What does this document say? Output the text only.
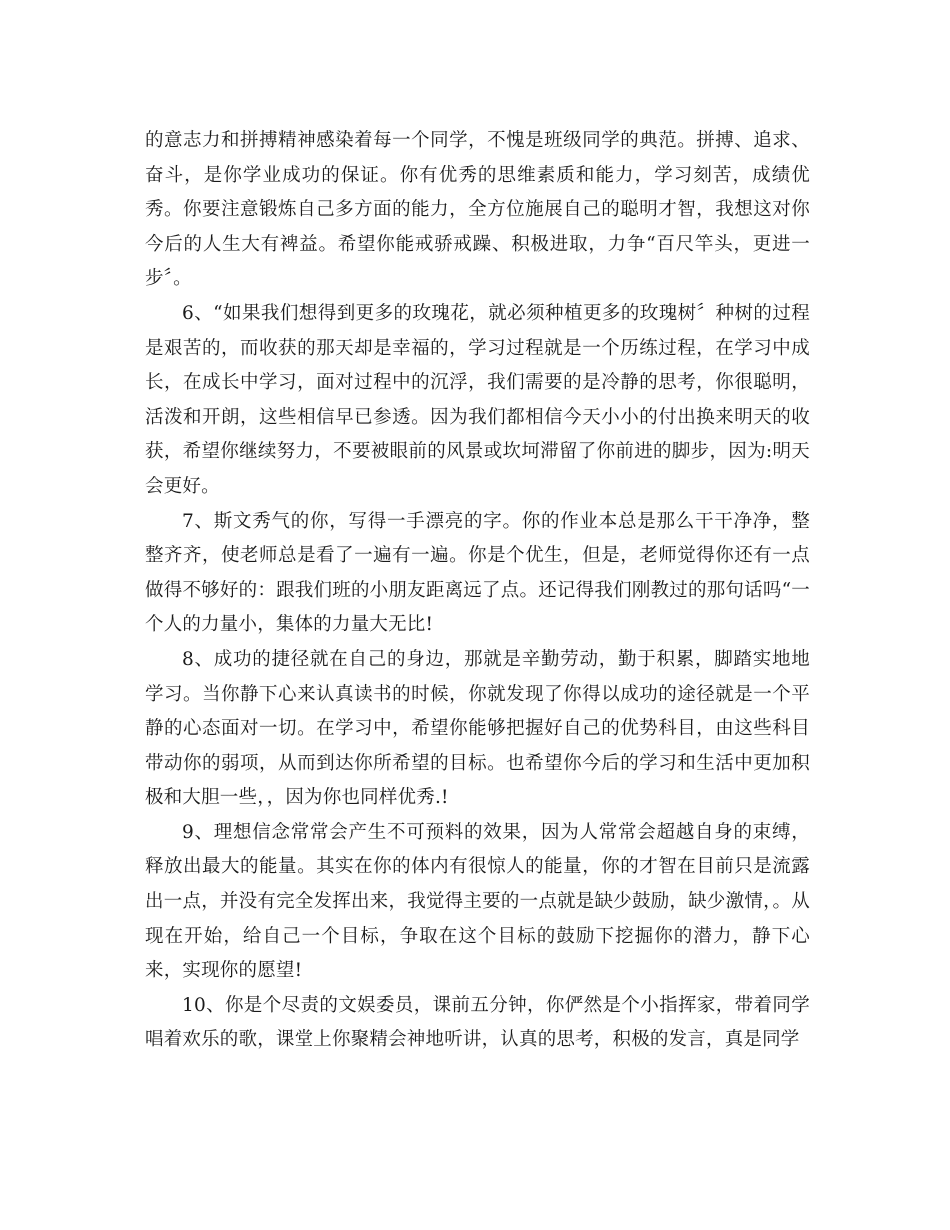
的意志力和拼搏精神感染着每一个同学，不愧是班级同学的典范。拼搏、追求、奋斗，是你学业成功的保证。你有优秀的思维素质和能力，学习刻苦，成绩优秀。你要注意锻炼自己多方面的能力，全方位施展自己的聪明才智，我想这对你今后的人生大有裨益。希望你能戒骄戒躁、积极进取，力争“百尺竿头，更进一步〞。

6、“如果我们想得到更多的玫瑰花，就必须种植更多的玫瑰树〞种树的过程是艰苦的，而收获的那天却是幸福的，学习过程就是一个历练过程，在学习中成长，在成长中学习，面对过程中的沉浮，我们需要的是冷静的思考，你很聪明，活泼和开朗，这些相信早已参透。因为我们都相信今天小小的付出换来明天的收获，希望你继续努力，不要被眼前的风景或坎坷滞留了你前进的脚步，因为:明天会更好。

7、斯文秀气的你，写得一手漂亮的字。你的作业本总是那么干干净净，整整齐齐，使老师总是看了一遍有一遍。你是个优生，但是，老师觉得你还有一点做得不够好的：跟我们班的小朋友距离远了点。还记得我们刚教过的那句话吗“一个人的力量小，集体的力量大无比!

8、成功的捷径就在自己的身边，那就是辛勤劳动，勤于积累，脚踏实地地学习。当你静下心来认真读书的时候，你就发现了你得以成功的途径就是一个平静的心态面对一切。在学习中，希望你能够把握好自己的优势科目，由这些科目带动你的弱项，从而到达你所希望的目标。也希望你今后的学习和生活中更加积极和大胆一些，，因为你也同样优秀.!

9、理想信念常常会产生不可预料的效果，因为人常常会超越自身的束缚，释放出最大的能量。其实在你的体内有很惊人的能量，你的才智在目前只是流露出一点，并没有完全发挥出来，我觉得主要的一点就是缺少鼓励，缺少激情，。从现在开始，给自己一个目标，争取在这个目标的鼓励下挖掘你的潜力，静下心来，实现你的愿望!

10、你是个尽责的文娱委员，课前五分钟，你俨然是个小指挥家，带着同学唱着欢乐的歌，课堂上你聚精会神地听讲，认真的思考，积极的发言，真是同学
